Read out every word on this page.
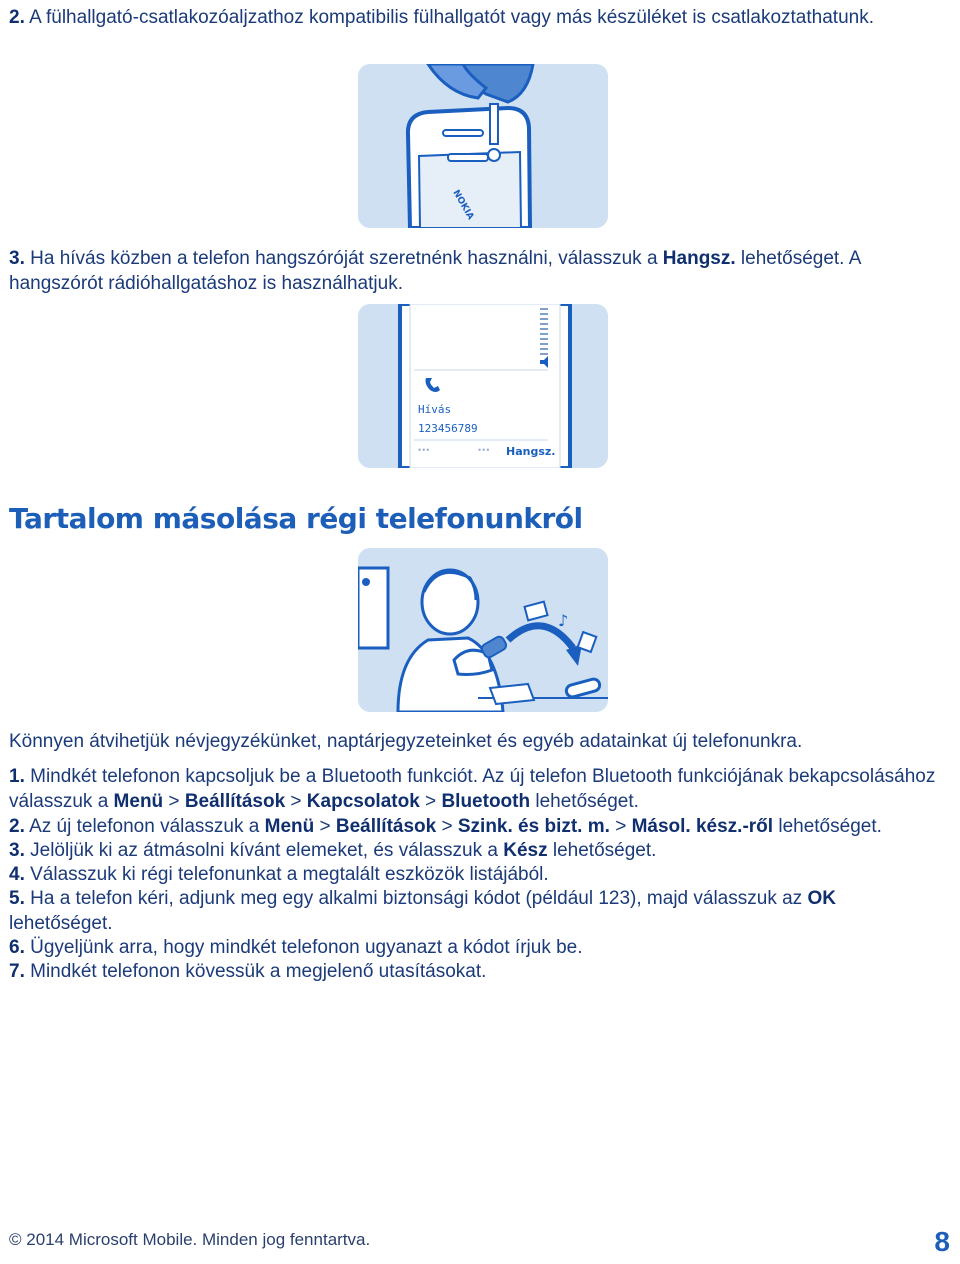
2. A fülhallgató-csatlakozóaljzathoz kompatibilis fülhallgatót vagy más készüléket is csatlakoztathatunk.

NOKIA

3. Ha hívás közben a telefon hangszóróját szeretnénk használni, válasszuk a Hangsz. lehetőséget. A hangszórót rádióhallgatáshoz is használhatjuk.

Hívás
123456789
•••	••• Hangsz.
Tartalom másolása régi telefonunkról
♪

Könnyen átvihetjük névjegyzékünket, naptárjegyzeteinket és egyéb adatainkat új telefonunkra.

1. Mindkét telefonon kapcsoljuk be a Bluetooth funkciót. Az új telefon Bluetooth funkciójának bekapcsolásához válasszuk a Menü > Beállítások > Kapcsolatok > Bluetooth lehetőséget.

2. Az új telefonon válasszuk a Menü > Beállítások > Szink. és bizt. m. > Másol. kész.-ről lehetőséget.

3. Jelöljük ki az átmásolni kívánt elemeket, és válasszuk a Kész lehetőséget.

4. Válasszuk ki régi telefonunkat a megtalált eszközök listájából.

5. Ha a telefon kéri, adjunk meg egy alkalmi biztonsági kódot (például 123), majd válasszuk az OK lehetőséget.

6. Ügyeljünk arra, hogy mindkét telefonon ugyanazt a kódot írjuk be.

7. Mindkét telefonon kövessük a megjelenő utasításokat.

© 2014 Microsoft Mobile. Minden jog fenntartva.	8
